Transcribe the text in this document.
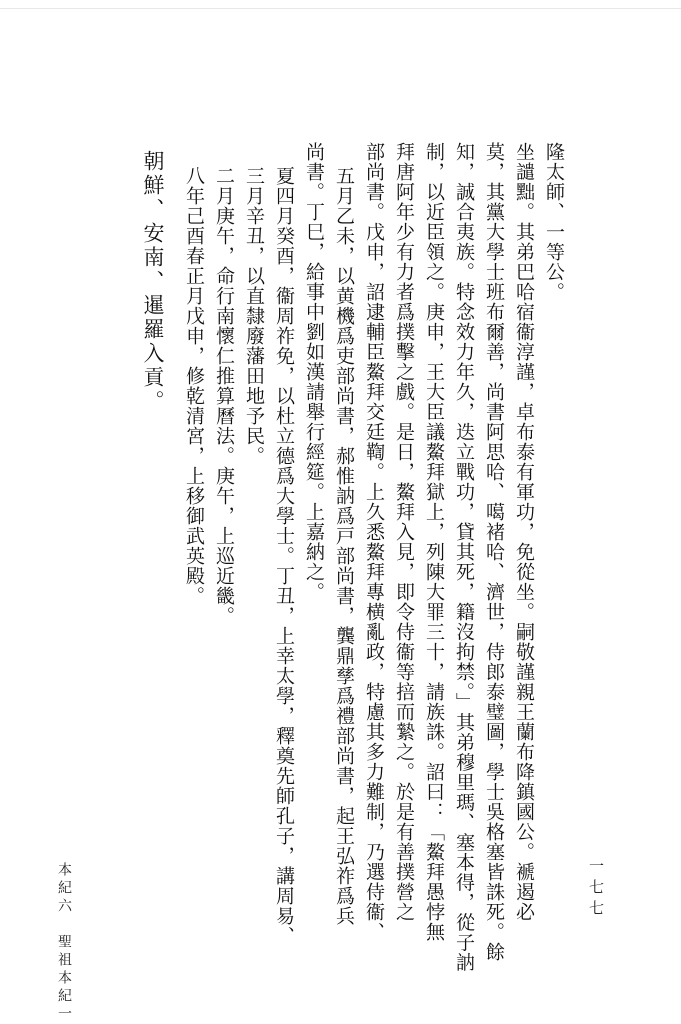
朝鮮、安南、暹羅入貢。 八年己酉春正月戊申，修乾清宮，上移御武英殿。 二月庚午，命行南懷仁推算曆法。庚午，上巡近畿。 三月辛丑，以直隸廢藩田地予民。 夏四月癸酉，衞周祚免，以杜立德爲大學士。丁丑，上幸太學，釋奠先師孔子，講周易、 尚書。丁巳，給事中劉如漢請舉行經筵。上嘉納之。 五月乙未，以黄機爲吏部尚書，郝惟訥爲戸部尚書，龔鼎孳爲禮部尚書，起王弘祚爲兵 部尚書。戊申，詔逮輔臣鰲拜交廷鞫。上久悉鰲拜專横亂政，特慮其多力難制，乃選侍衞、 拜唐阿年少有力者爲撲擊之戲。是日，鰲拜入見，即令侍衞等掊而縶之。於是有善撲營之 制，以近臣領之。庚申，王大臣議鰲拜獄上，列陳大罪三十，請族誅。詔曰：「鰲拜愚悖無 知，誠合夷族。特念效力年久，迭立戰功，貸其死，籍沒拘禁。」其弟穆里瑪、塞本得，從子訥 莫，其黨大學士班布爾善，尚書阿思哈、噶褚哈、濟世，侍郎泰璧圖，學士吳格塞皆誅死。餘 坐譴黜。其弟巴哈宿衞淳謹，卓布泰有軍功，免從坐。嗣敬謹親王蘭布降鎮國公。褫遏必 隆太師、一等公。
本紀六　聖祖本紀一	一七七
